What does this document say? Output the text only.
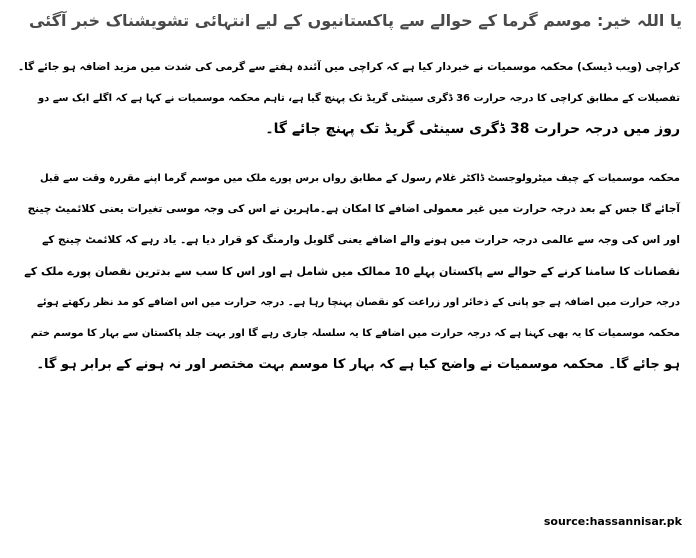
یا اللہ خیر: موسم گرما کے حوالے سے پاکستانیوں کے لیے انتہائی تشویشناک خبر آگئی
کراچی (ویب ڈیسک) محکمہ موسمیات نے خبردار کیا ہے کہ کراچی میں آئندہ ہفتے سے گرمی کی شدت میں مزید اضافہ ہو جائے گا۔
تفصیلات کے مطابق کراچی کا درجہ حرارت 36 ڈگری سینٹی گریڈ تک پہنچ گیا ہے، تاہم محکمہ موسمیات نے کہا ہے کہ اگلے ایک سے دو
روز میں درجہ حرارت 38 ڈگری سینٹی گریڈ تک پہنچ جائے گا۔
محکمہ موسمیات کے چیف میٹرولوجسٹ ڈاکٹر غلام رسول کے مطابق رواں برس پورے ملک میں موسم گرما اپنے مقررہ وقت سے قبل
آجائے گا جس کے بعد درجہ حرارت میں غیر معمولی اضافے کا امکان ہے۔ماہرین نے اس کی وجہ موسی تغیرات یعنی کلائمیٹ چینج
اور اس کی وجہ سے عالمی درجہ حرارت میں ہونے والے اضافے یعنی گلوبل وارمنگ کو قرار دیا ہے۔ یاد رہے کہ کلائمٹ چینج کے
نقصانات کا سامنا کرنے کے حوالے سے پاکستان پہلے 10 ممالک میں شامل ہے اور اس کا سب سے بدترین نقصان پورے ملک کے
درجہ حرارت میں اضافہ ہے جو پانی کے ذخائر اور زراعت کو نقصان پہنچا رہا ہے۔ درجہ حرارت میں اس اضافے کو مد نظر رکھتے ہوئے
محکمہ موسمیات کا یہ بھی کہنا ہے کہ درجہ حرارت میں اضافے کا یہ سلسلہ جاری رہے گا اور بہت جلد پاکستان سے بہار کا موسم ختم
ہو جائے گا۔ محکمہ موسمیات نے واضح کیا ہے کہ بہار کا موسم بہت مختصر اور نہ ہونے کے برابر ہو گا۔
source:hassannisar.pk
